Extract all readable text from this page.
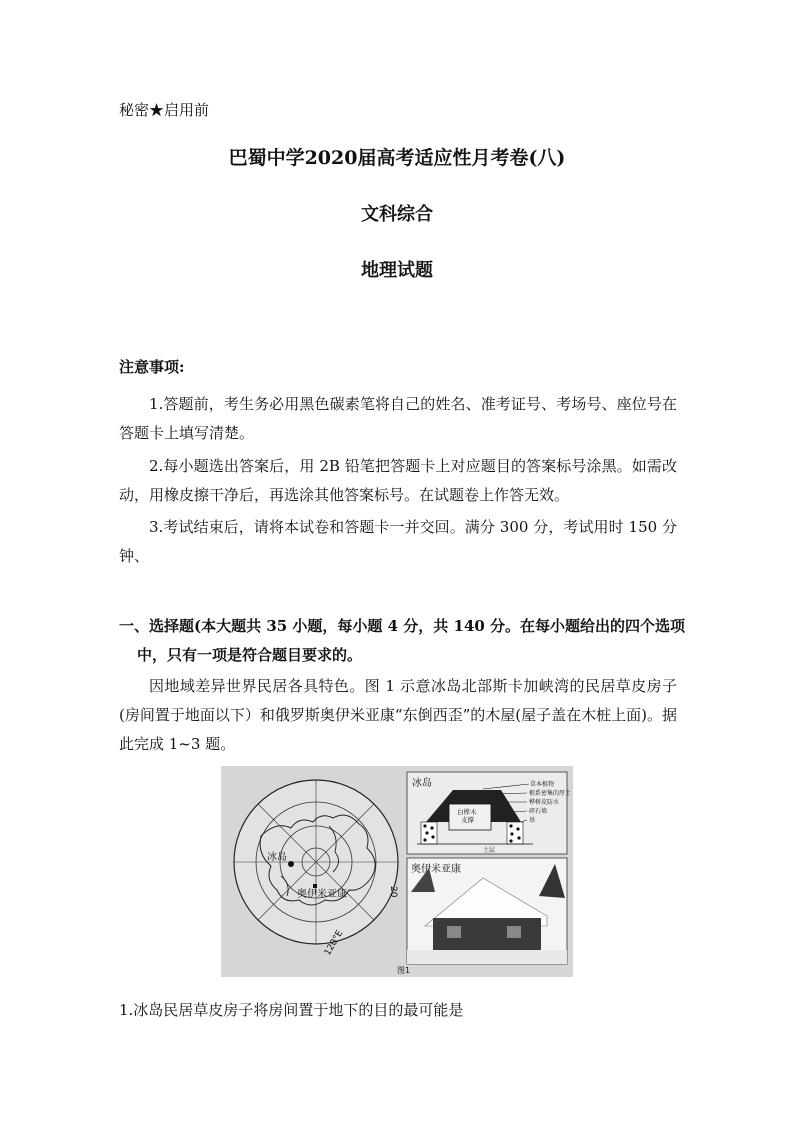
秘密★启用前
巴蜀中学2020届高考适应性月考卷(八)
文科综合
地理试题
注意事项:
1.答题前，考生务必用黑色碳素笔将自己的姓名、准考证号、考场号、座位号在答题卡上填写清楚。
2.每小题选出答案后，用 2B 铅笔把答题卡上对应题目的答案标号涂黑。如需改动，用橡皮擦干净后，再选涂其他答案标号。在试题卷上作答无效。
3.考试结束后，请将本试卷和答题卡一并交回。满分 300 分，考试用时 150 分钟、
一、选择题(本大题共 35 小题，每小题 4 分，共 140 分。在每小题给出的四个选项中，只有一项是符合题目要求的。
因地域差异世界民居各具特色。图 1 示意冰岛北部斯卡加峡湾的民居草皮房子(房间置于地面以下）和俄罗斯奥伊米亚康“东倒西歪”的木屋(屋子盖在木桩上面)。据此完成 1~3 题。
冰岛
奥伊米亚康	20
120°E
冰岛
白桦木
支撑
土层
草本植物
根系密集的厚土
桦树皮防水
碎石墙
基
奥伊米亚康
图1
1.冰岛民居草皮房子将房间置于地下的目的最可能是
